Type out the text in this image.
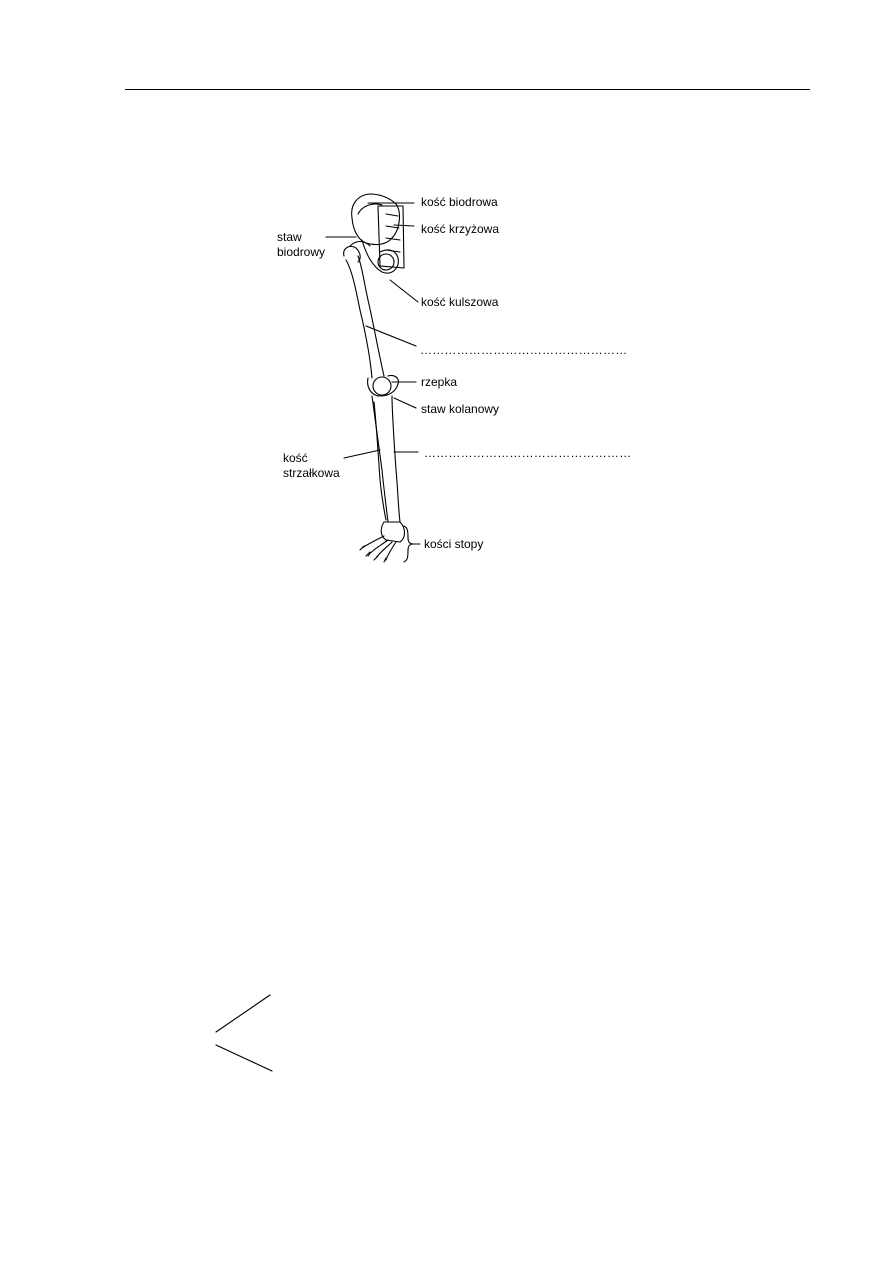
kość biodrowa
kość krzyżowa
staw
biodrowy
kość kulszowa
……………………………………………
rzepka
staw kolanowy
kość
strzałkowa
……………………………………………
kości stopy
